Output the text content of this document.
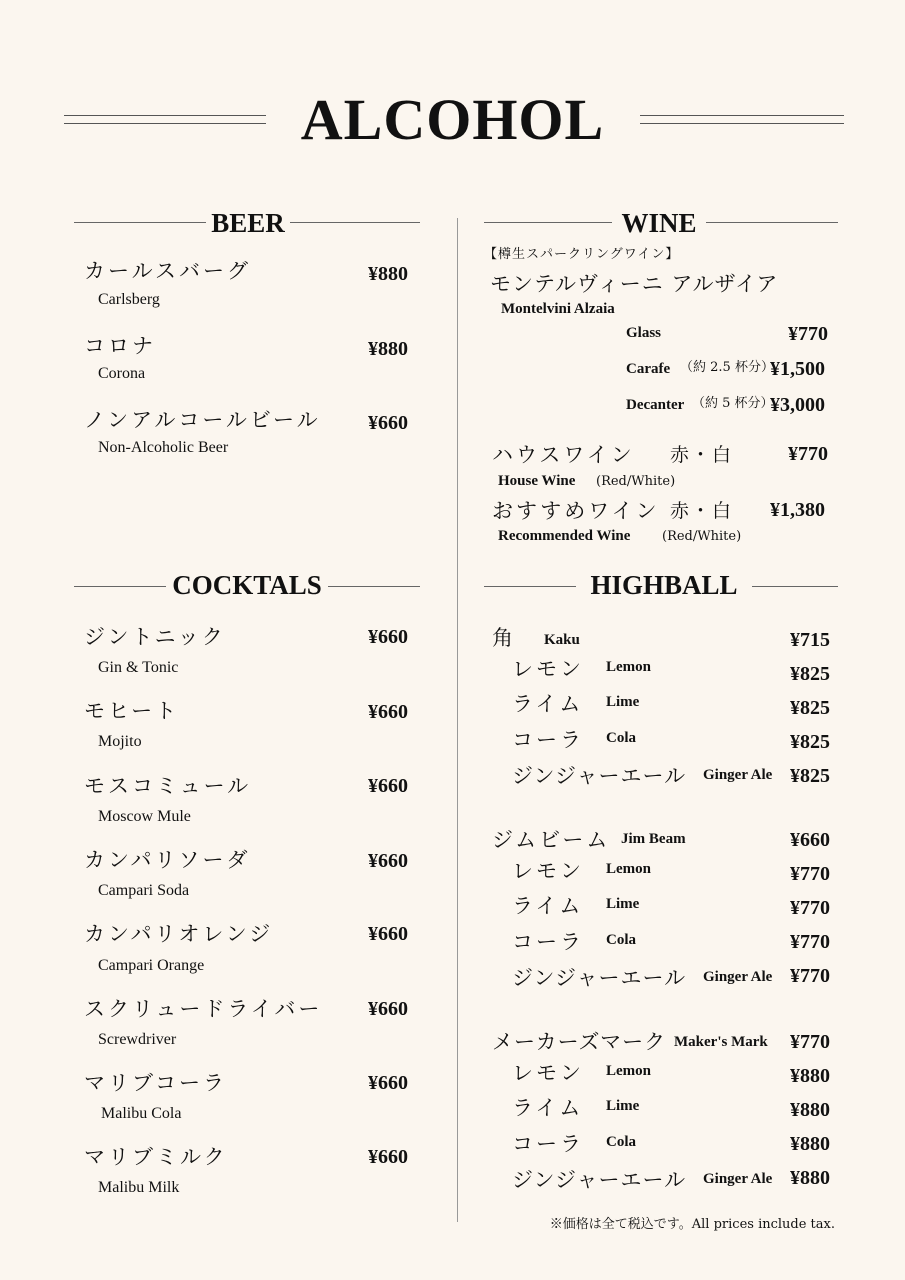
ALCOHOL
BEER
カールスバーグ
Carlsberg
¥880
コロナ
Corona
¥880
ノンアルコールビール
Non-Alcoholic Beer
¥660
COCKTALS
ジントニック
Gin & Tonic
¥660
モヒート
Mojito
¥660
モスコミュール
Moscow Mule
¥660
カンパリソーダ
Campari Soda
¥660
カンパリオレンジ
Campari Orange
¥660
スクリュードライバー
Screwdriver
¥660
マリブコーラ
Malibu Cola
¥660
マリブミルク
Malibu Milk
¥660
WINE
【樽生スパークリングワイン】
モンテルヴィーニ アルザイア
Montelvini Alzaia
Glass	¥770
Carafe （約 2.5 杯分）
¥1,500
Decanter （約 5 杯分）
¥3,000
ハウスワイン 赤・白	¥770
House Wine (Red/White)
おすすめワイン 赤・白 ¥1,380
Recommended Wine (Red/White)
HIGHBALL
角 Kaku	¥715
レモン Lemon	¥825
ライム Lime	¥825
コーラ Cola	¥825
ジンジャーエール Ginger Ale ¥825
ジムビーム Jim Beam	¥660
レモン Lemon	¥770
ライム Lime	¥770
コーラ Cola	¥770
ジンジャーエール Ginger Ale ¥770
メーカーズマーク Maker's Mark ¥770
レモン Lemon	¥880
ライム Lime	¥880
コーラ Cola	¥880
ジンジャーエール Ginger Ale ¥880
※価格は全て税込です。All prices include tax.
